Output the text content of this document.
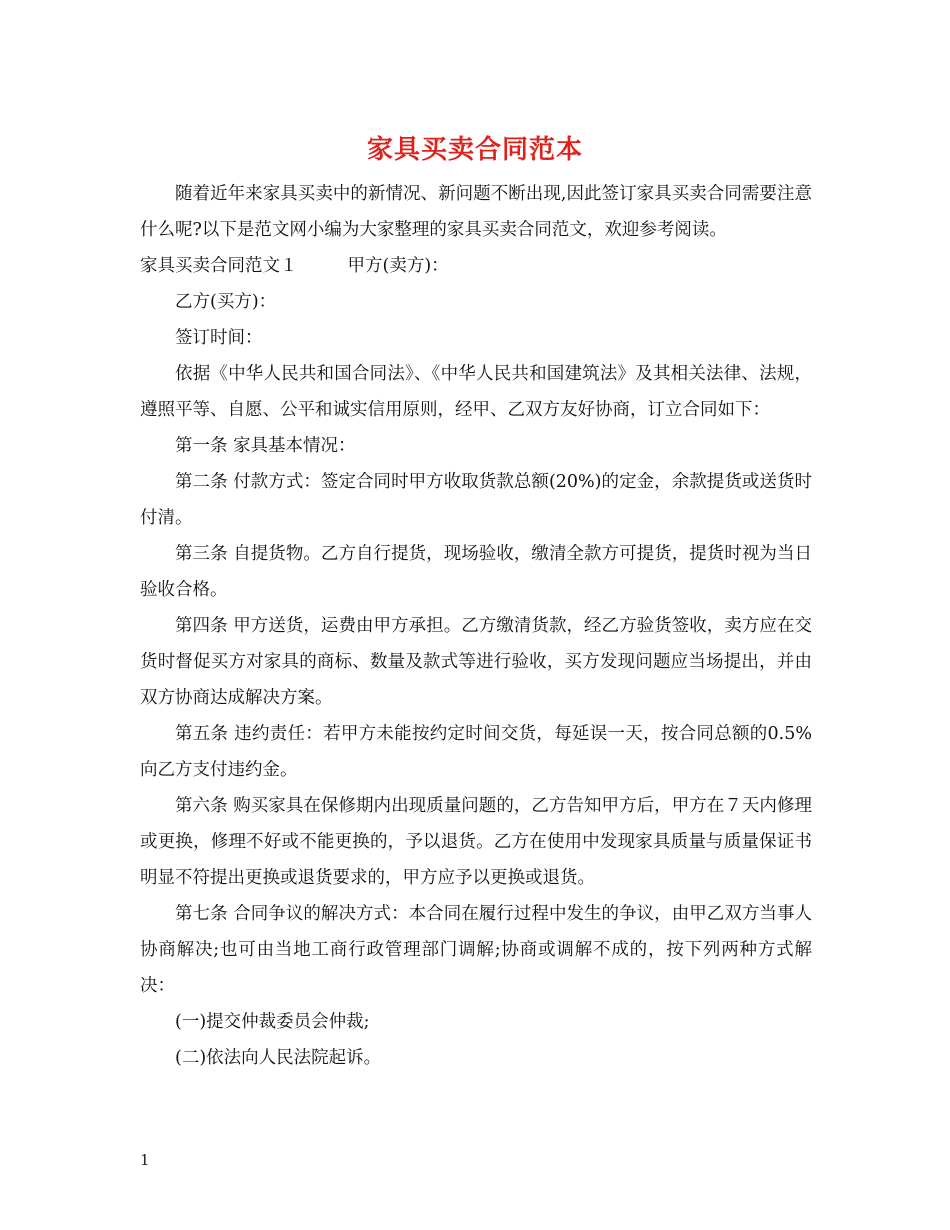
家具买卖合同范本

随着近年来家具买卖中的新情况、新问题不断出现,因此签订家具买卖合同需要注意什么呢?以下是范文网小编为大家整理的家具买卖合同范文，欢迎参考阅读。

家具买卖合同范文１	甲方(卖方)：

乙方(买方)：

签订时间：

依据《中华人民共和国合同法》、《中华人民共和国建筑法》及其相关法律、法规，遵照平等、自愿、公平和诚实信用原则，经甲、乙双方友好协商，订立合同如下：

第一条 家具基本情况：

第二条 付款方式：签定合同时甲方收取货款总额(20%)的定金，余款提货或送货时付清。

第三条 自提货物。乙方自行提货，现场验收，缴清全款方可提货，提货时视为当日验收合格。

第四条 甲方送货，运费由甲方承担。乙方缴清货款，经乙方验货签收，卖方应在交货时督促买方对家具的商标、数量及款式等进行验收，买方发现问题应当场提出，并由双方协商达成解决方案。

第五条 违约责任：若甲方未能按约定时间交货，每延误一天，按合同总额的0.5%向乙方支付违约金。

第六条 购买家具在保修期内出现质量问题的，乙方告知甲方后，甲方在７天内修理或更换，修理不好或不能更换的，予以退货。乙方在使用中发现家具质量与质量保证书明显不符提出更换或退货要求的，甲方应予以更换或退货。

第七条 合同争议的解决方式：本合同在履行过程中发生的争议，由甲乙双方当事人协商解决;也可由当地工商行政管理部门调解;协商或调解不成的，按下列两种方式解决：

(一)提交仲裁委员会仲裁;

(二)依法向人民法院起诉。

1
